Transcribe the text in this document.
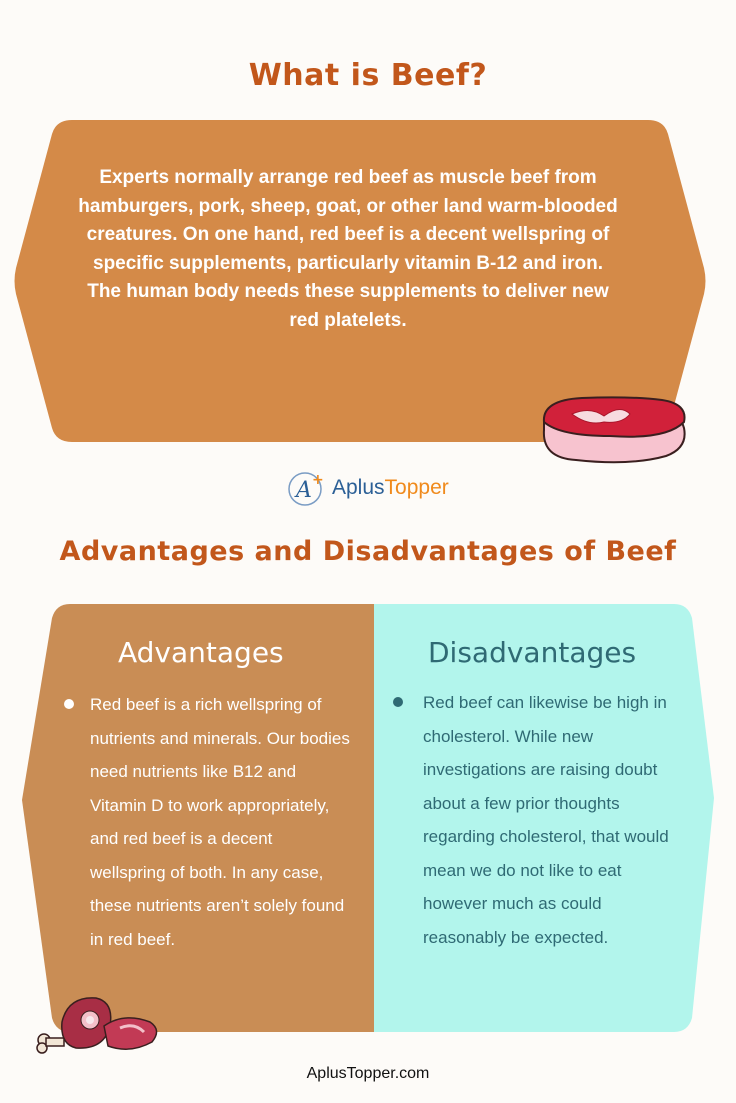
What is Beef?
Experts normally arrange red beef as muscle beef from hamburgers, pork, sheep, goat, or other land warm-blooded creatures. On one hand, red beef is a decent wellspring of specific supplements, particularly vitamin B-12 and iron. The human body needs these supplements to deliver new red platelets.
A + AplusTopper
Advantages and Disadvantages of Beef
Advantages	Disadvantages
Red beef is a rich wellspring of nutrients and minerals. Our bodies need nutrients like B12 and Vitamin D to work appropriately, and red beef is a decent wellspring of both. In any case, these nutrients aren’t solely found in red beef.
Red beef can likewise be high in cholesterol. While new investigations are raising doubt about a few prior thoughts regarding cholesterol, that would mean we do not like to eat however much as could reasonably be expected.
AplusTopper.com
